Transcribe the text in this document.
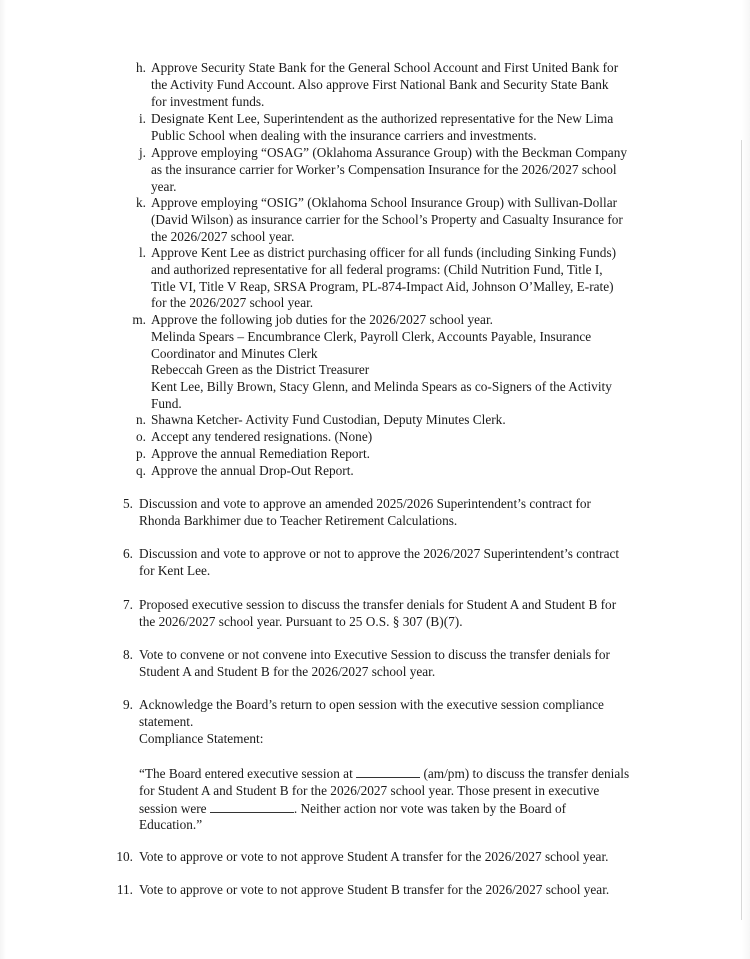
h. Approve Security State Bank for the General School Account and First United Bank for
the Activity Fund Account. Also approve First National Bank and Security State Bank
for investment funds.
i. Designate Kent Lee, Superintendent as the authorized representative for the New Lima
Public School when dealing with the insurance carriers and investments.
j. Approve employing “OSAG” (Oklahoma Assurance Group) with the Beckman Company
as the insurance carrier for Worker’s Compensation Insurance for the 2026/2027 school
year.
k. Approve employing “OSIG” (Oklahoma School Insurance Group) with Sullivan-Dollar
(David Wilson) as insurance carrier for the School’s Property and Casualty Insurance for
the 2026/2027 school year.
l. Approve Kent Lee as district purchasing officer for all funds (including Sinking Funds)
and authorized representative for all federal programs: (Child Nutrition Fund, Title I,
Title VI, Title V Reap, SRSA Program, PL-874-Impact Aid, Johnson O’Malley, E-rate)
for the 2026/2027 school year.
m. Approve the following job duties for the 2026/2027 school year.
Melinda Spears – Encumbrance Clerk, Payroll Clerk, Accounts Payable, Insurance
Coordinator and Minutes Clerk
Rebeccah Green as the District Treasurer
Kent Lee, Billy Brown, Stacy Glenn, and Melinda Spears as co-Signers of the Activity
Fund.
n. Shawna Ketcher- Activity Fund Custodian, Deputy Minutes Clerk.
o. Accept any tendered resignations. (None)
p. Approve the annual Remediation Report.
q. Approve the annual Drop-Out Report.
5. Discussion and vote to approve an amended 2025/2026 Superintendent’s contract for
Rhonda Barkhimer due to Teacher Retirement Calculations.
6. Discussion and vote to approve or not to approve the 2026/2027 Superintendent’s contract
for Kent Lee.
7. Proposed executive session to discuss the transfer denials for Student A and Student B for
the 2026/2027 school year. Pursuant to 25 O.S. § 307 (B)(7).
8. Vote to convene or not convene into Executive Session to discuss the transfer denials for
Student A and Student B for the 2026/2027 school year.
9. Acknowledge the Board’s return to open session with the executive session compliance
statement.
Compliance Statement:
“The Board entered executive session at	(am/pm) to discuss the transfer denials
for Student A and Student B for the 2026/2027 school year. Those present in executive
session were	. Neither action nor vote was taken by the Board of
Education.”
10. Vote to approve or vote to not approve Student A transfer for the 2026/2027 school year.
11. Vote to approve or vote to not approve Student B transfer for the 2026/2027 school year.
